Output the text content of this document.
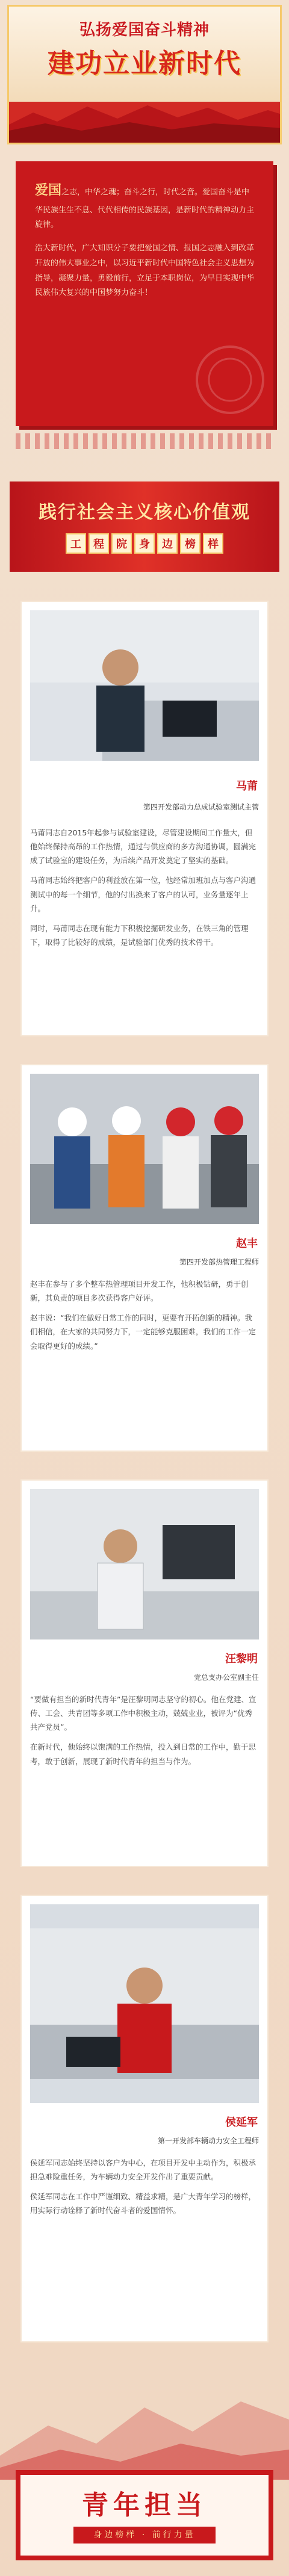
弘扬爱国奋斗精神
建功立业新时代

爱国之志，中华之魂；奋斗之行，时代之音。爱国奋斗是中华民族生生不息、代代相传的民族基因，是新时代的精神动力主旋律。

浩大新时代，广大知识分子要把爱国之情、报国之志融入到改革开放的伟大事业之中，以习近平新时代中国特色社会主义思想为指导，凝聚力量，勇毅前行，立足于本职岗位，为早日实现中华民族伟大复兴的中国梦努力奋斗！

践行社会主义核心价值观
工 程 院 身 边 榜 样
马莆
第四开发部动力总成试验室测试主管

马莆同志自2015年起参与试验室建设，尽管建设期间工作量大，但他始终保持高昂的工作热情，通过与供应商的多方沟通协调，圆满完成了试验室的建设任务，为后续产品开发奠定了坚实的基础。

马莆同志始终把客户的利益放在第一位，他经常加班加点与客户沟通测试中的每一个细节，他的付出换来了客户的认可，业务量逐年上升。

同时，马莆同志在现有能力下积极挖掘研发业务，在铁三角的管理下，取得了比较好的成绩，是试验部门优秀的技术骨干。

赵丰
第四开发部热管理工程师

赵丰在参与了多个整车热管理项目开发工作，他积极钻研，勇于创新，其负责的项目多次获得客户好评。

赵丰说：“我们在做好日常工作的同时，更要有开拓创新的精神。我们相信，在大家的共同努力下，一定能够克服困难，我们的工作一定会取得更好的成绩。”

汪黎明
党总支办公室副主任

“要做有担当的新时代青年”是汪黎明同志坚守的初心。他在党建、宣传、工会、共青团等多项工作中积极主动，兢兢业业，被评为“优秀共产党员”。

在新时代，他始终以饱满的工作热情，投入到日常的工作中，勤于思考，敢于创新，展现了新时代青年的担当与作为。

侯延军
第一开发部车辆动力安全工程师

侯延军同志始终坚持以客户为中心，在项目开发中主动作为，积极承担急难险重任务，为车辆动力安全开发作出了重要贡献。

侯延军同志在工作中严谨细致、精益求精，是广大青年学习的榜样，用实际行动诠释了新时代奋斗者的爱国情怀。

青年担当
身边榜样 · 前行力量
